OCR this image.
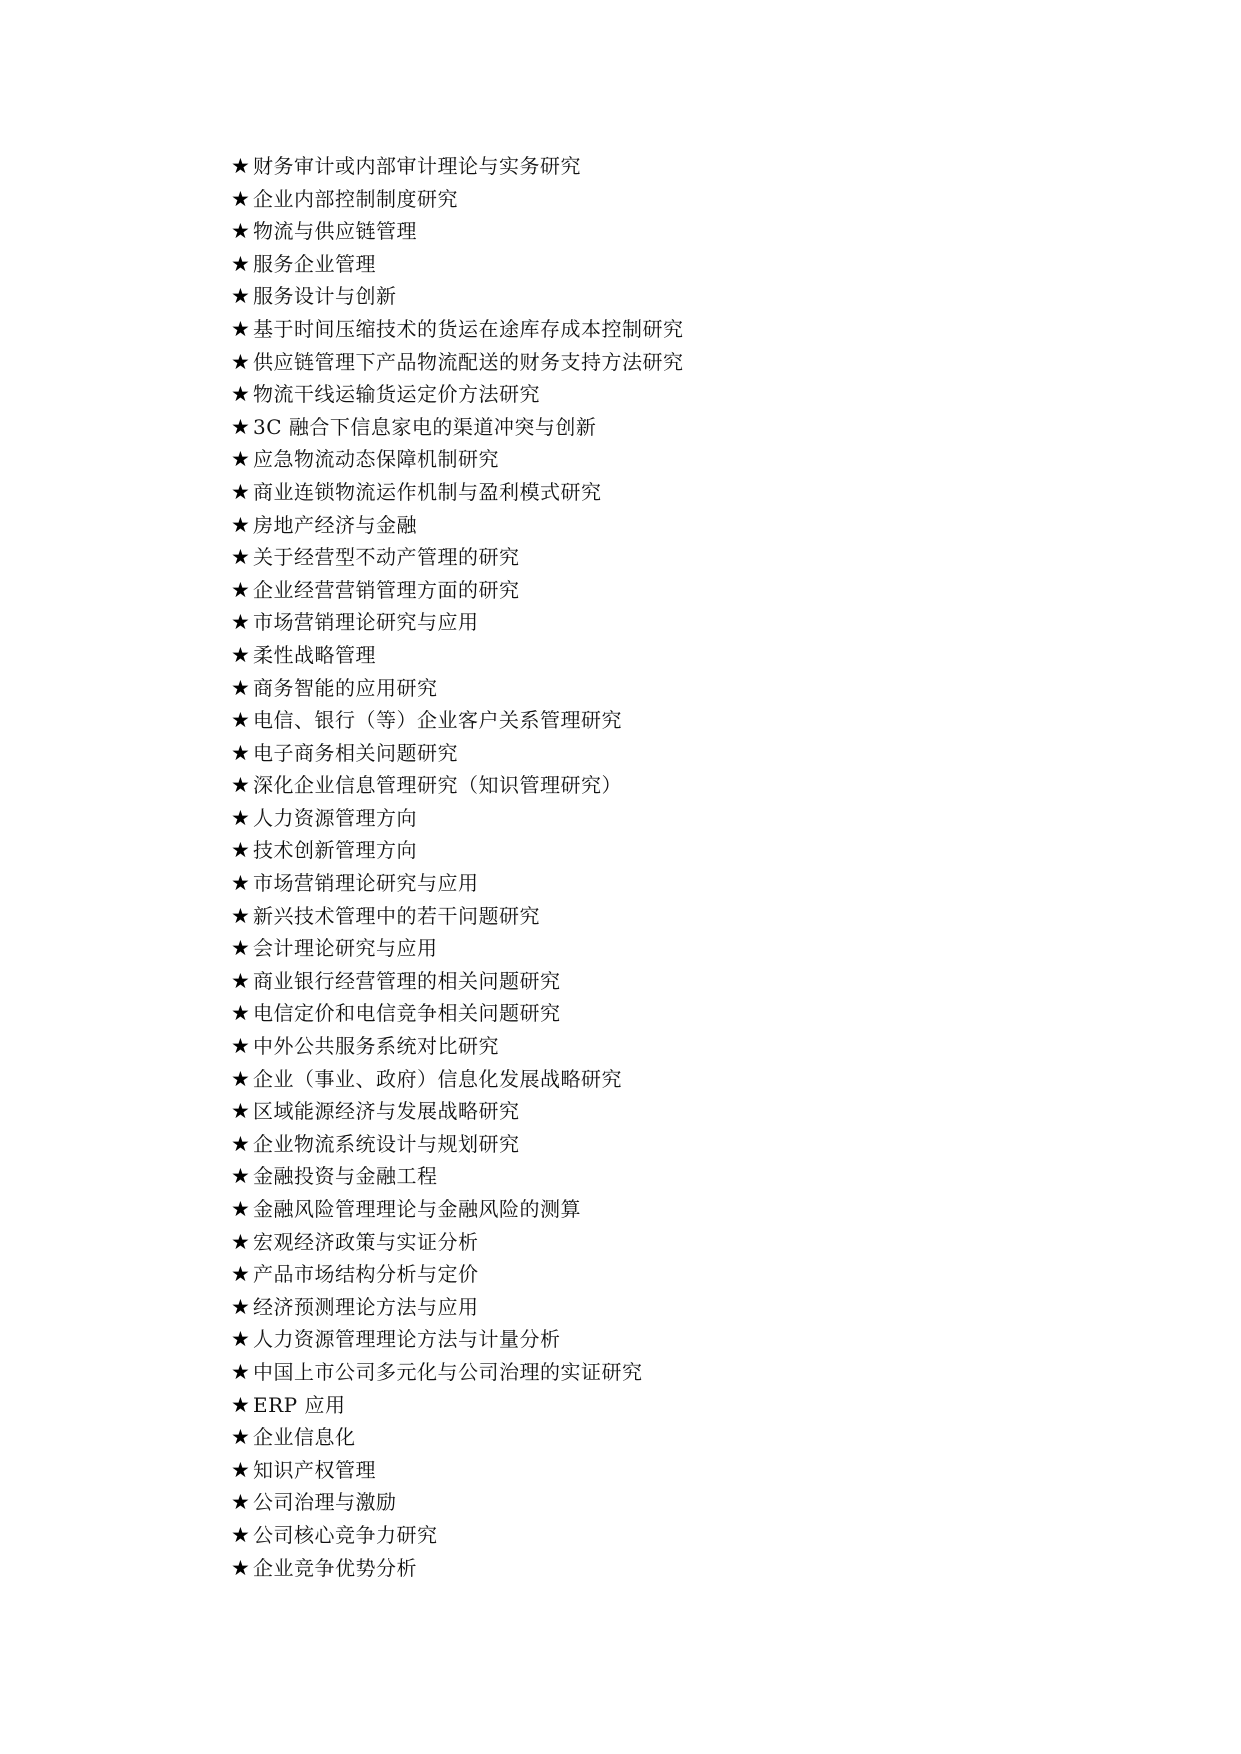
★ 财务审计或内部审计理论与实务研究
★ 企业内部控制制度研究
★ 物流与供应链管理
★ 服务企业管理
★ 服务设计与创新
★ 基于时间压缩技术的货运在途库存成本控制研究
★ 供应链管理下产品物流配送的财务支持方法研究
★ 物流干线运输货运定价方法研究
★ 3C 融合下信息家电的渠道冲突与创新
★ 应急物流动态保障机制研究
★ 商业连锁物流运作机制与盈利模式研究
★ 房地产经济与金融
★ 关于经营型不动产管理的研究
★ 企业经营营销管理方面的研究
★ 市场营销理论研究与应用
★ 柔性战略管理
★ 商务智能的应用研究
★ 电信、银行（等）企业客户关系管理研究
★ 电子商务相关问题研究
★ 深化企业信息管理研究（知识管理研究）
★ 人力资源管理方向
★ 技术创新管理方向
★ 市场营销理论研究与应用
★ 新兴技术管理中的若干问题研究
★ 会计理论研究与应用
★ 商业银行经营管理的相关问题研究
★ 电信定价和电信竞争相关问题研究
★ 中外公共服务系统对比研究
★ 企业（事业、政府）信息化发展战略研究
★ 区域能源经济与发展战略研究
★ 企业物流系统设计与规划研究
★ 金融投资与金融工程
★ 金融风险管理理论与金融风险的测算
★ 宏观经济政策与实证分析
★ 产品市场结构分析与定价
★ 经济预测理论方法与应用
★ 人力资源管理理论方法与计量分析
★ 中国上市公司多元化与公司治理的实证研究
★ ERP 应用
★ 企业信息化
★ 知识产权管理
★ 公司治理与激励
★ 公司核心竞争力研究
★ 企业竞争优势分析
